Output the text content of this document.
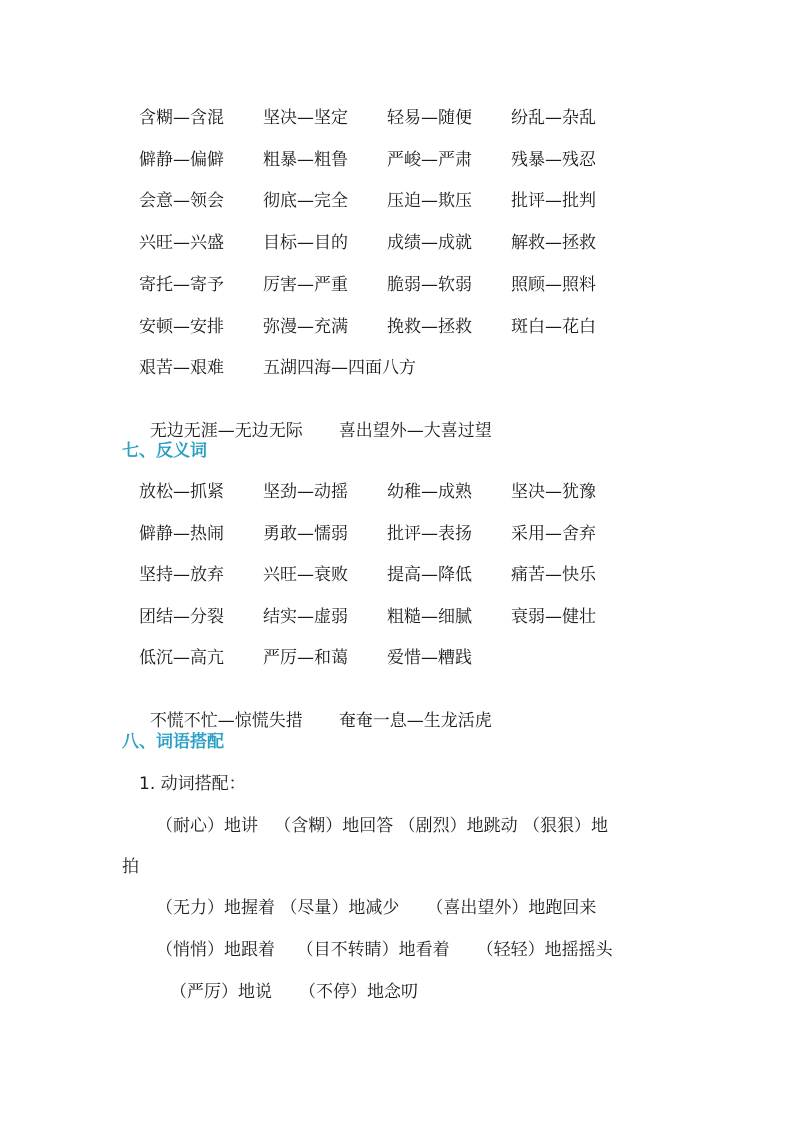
含糊—含混 坚决—坚定 轻易—随便 纷乱—杂乱
僻静—偏僻 粗暴—粗鲁 严峻—严肃 残暴—残忍
会意—领会 彻底—完全 压迫—欺压 批评—批判
兴旺—兴盛 目标—目的 成绩—成就 解救—拯救
寄托—寄予 厉害—严重 脆弱—软弱 照顾—照料
安顿—安排 弥漫—充满 挽救—拯救 斑白—花白
艰苦—艰难 五湖四海—四面八方

无边无涯—无边无际 喜出望外—大喜过望

七、反义词
放松—抓紧 坚劲—动摇 幼稚—成熟 坚决—犹豫
僻静—热闹 勇敢—懦弱 批评—表扬 采用—舍弃
坚持—放弃 兴旺—衰败 提高—降低 痛苦—快乐
团结—分裂 结实—虚弱 粗糙—细腻 衰弱—健壮
低沉—高亢 严厉—和蔼 爱惜—糟践

不慌不忙—惊慌失措 奄奄一息—生龙活虎

八、词语搭配
1. 动词搭配：
（耐心）地讲   （含糊）地回答 （剧烈）地跳动 （狠狠）地
拍
（无力）地握着 （尽量）地减少     （喜出望外）地跑回来
（悄悄）地跟着    （目不转睛）地看着     （轻轻）地摇摇头
（严厉）地说     （不停）地念叨
